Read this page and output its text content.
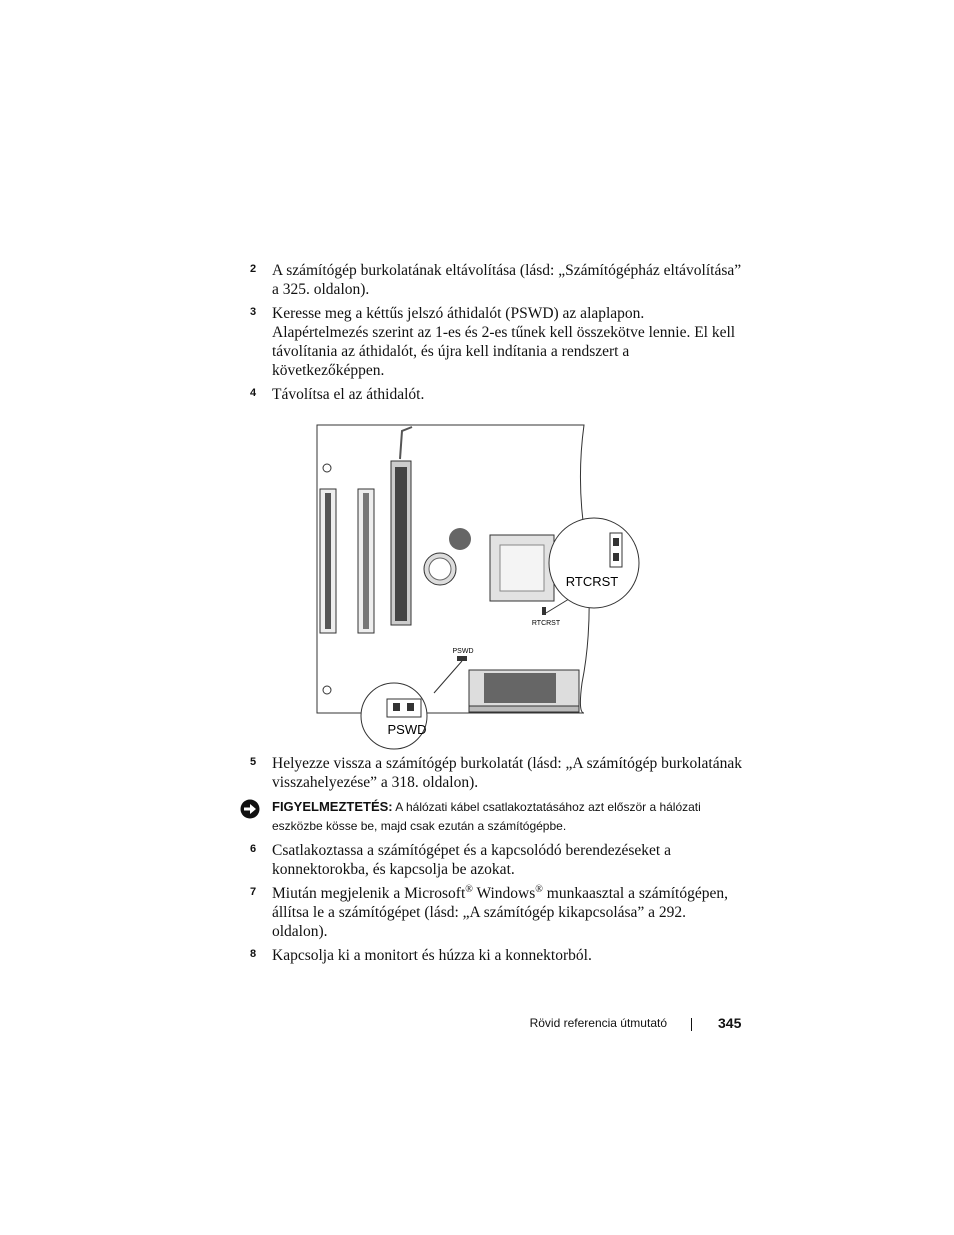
2 A számítógép burkolatának eltávolítása (lásd: „Számítógépház eltávolítása” a 325. oldalon).
3 Keresse meg a kéttűs jelszó áthidalót (PSWD) az alaplapon. Alapértelmezés szerint az 1-es és 2-es tűnek kell összekötve lennie. El kell távolítania az áthidalót, és újra kell indítania a rendszert a következőképpen.
4 Távolítsa el az áthidalót.
RTCRST
RTCRST
PSWD
PSWD
5 Helyezze vissza a számítógép burkolatát (lásd: „A számítógép burkolatának visszahelyezése” a 318. oldalon).
FIGYELMEZTETÉS: A hálózati kábel csatlakoztatásához azt először a hálózati eszközbe kösse be, majd csak ezután a számítógépbe.
6 Csatlakoztassa a számítógépet és a kapcsolódó berendezéseket a konnektorokba, és kapcsolja be azokat.
7 Miután megjelenik a Microsoft® Windows® munkaasztal a számítógépen, állítsa le a számítógépet (lásd: „A számítógép kikapcsolása” a 292. oldalon).
8 Kapcsolja ki a monitort és húzza ki a konnektorból.
Rövid referencia útmutató	345
